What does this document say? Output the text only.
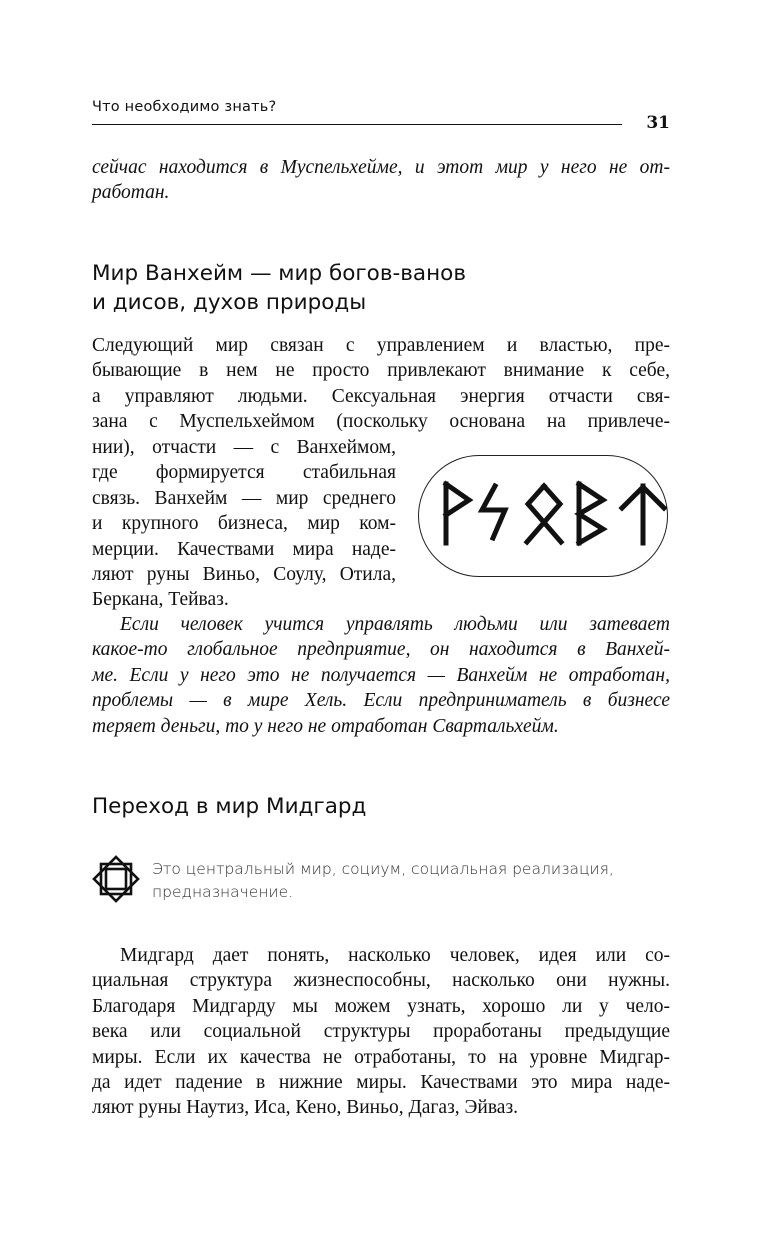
Что необходимо знать?
31
сейчас находится в Муспельхейме, и этот мир у него не от-
работан.
Мир Ванхейм — мир богов-ванов
и дисов, духов природы
Следующий мир связан с управлением и властью, пре-
бывающие в нем не просто привлекают внимание к себе,
а управляют людьми. Сексуальная энергия отчасти свя-
зана с Муспельхеймом (поскольку основана на привлече-
нии), отчасти — с Ванхеймом,
где формируется стабильная
связь. Ванхейм — мир среднего
и крупного бизнеса, мир ком-
мерции. Качествами мира наде-
ляют руны Виньо, Соулу, Отила,
Беркана, Тейваз.
Если человек учится управлять людьми или затевает
какое-то глобальное предприятие, он находится в Ванхей-
ме. Если у него это не получается — Ванхейм не отработан,
проблемы — в мире Хель. Если предприниматель в бизнесе
теряет деньги, то у него не отработан Свартальхейм.
Переход в мир Мидгард
Это центральный мир, социум, социальная реализация,
предназначение.
Мидгард дает понять, насколько человек, идея или со-
циальная структура жизнеспособны, насколько они нужны.
Благодаря Мидгарду мы можем узнать, хорошо ли у чело-
века или социальной структуры проработаны предыдущие
миры. Если их качества не отработаны, то на уровне Мидгар-
да идет падение в нижние миры. Качествами это мира наде-
ляют руны Наутиз, Иса, Кено, Виньо, Дагаз, Эйваз.
